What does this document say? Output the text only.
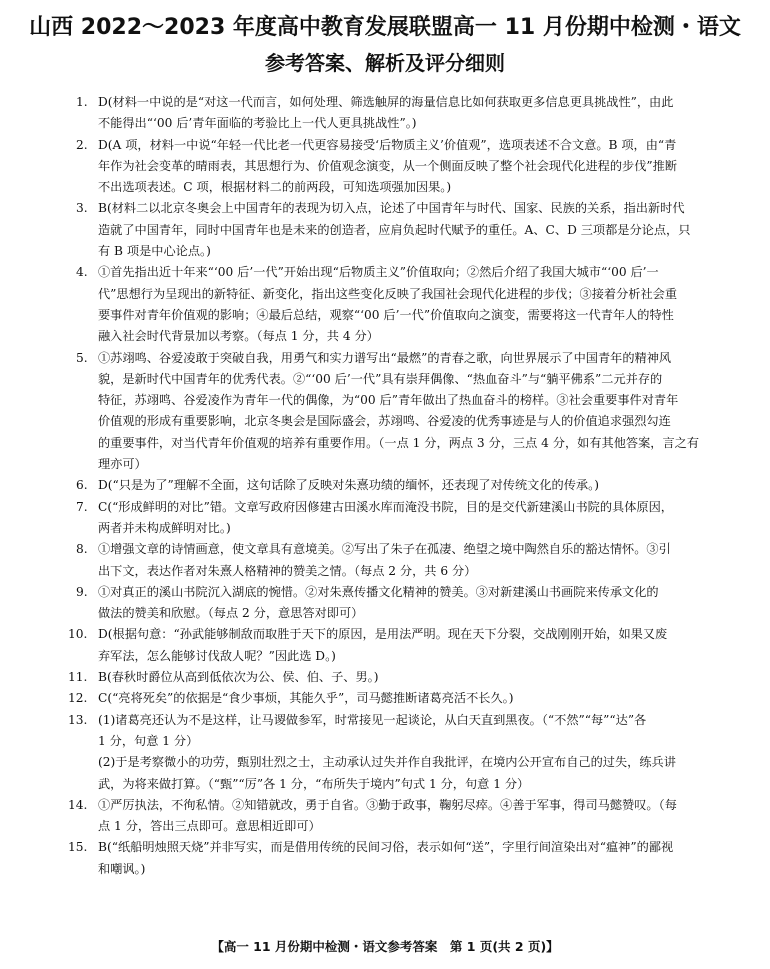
山西 2022～2023 年度高中教育发展联盟高一 11 月份期中检测・语文
参考答案、解析及评分细则
1. D(材料一中说的是“对这一代而言，如何处理、筛选触屏的海量信息比如何获取更多信息更具挑战性”，由此
不能得出“‘00 后’青年面临的考验比上一代人更具挑战性”。)
2. D(A 项，材料一中说“年轻一代比老一代更容易接受‘后物质主义’价值观”，选项表述不合文意。B 项，由“青
年作为社会变革的晴雨表，其思想行为、价值观念演变，从一个侧面反映了整个社会现代化进程的步伐”推断
不出选项表述。C 项，根据材料二的前两段，可知选项强加因果。)
3. B(材料二以北京冬奥会上中国青年的表现为切入点，论述了中国青年与时代、国家、民族的关系，指出新时代
造就了中国青年，同时中国青年也是未来的创造者，应肩负起时代赋予的重任。A、C、D 三项都是分论点，只
有 B 项是中心论点。)
4. ①首先指出近十年来“‘00 后’一代”开始出现“后物质主义”价值取向；②然后介绍了我国大城市“‘00 后’一
代”思想行为呈现出的新特征、新变化，指出这些变化反映了我国社会现代化进程的步伐；③接着分析社会重
要事件对青年价值观的影响；④最后总结，观察“‘00 后’一代”价值取向之演变，需要将这一代青年人的特性
融入社会时代背景加以考察。（每点 1 分，共 4 分）
5. ①苏翊鸣、谷爱凌敢于突破自我，用勇气和实力谱写出“最燃”的青春之歌，向世界展示了中国青年的精神风
貌，是新时代中国青年的优秀代表。②“‘00 后’一代”具有崇拜偶像、“热血奋斗”与“躺平佛系”二元并存的
特征，苏翊鸣、谷爱凌作为青年一代的偶像，为“00 后”青年做出了热血奋斗的榜样。③社会重要事件对青年
价值观的形成有重要影响，北京冬奥会是国际盛会，苏翊鸣、谷爱凌的优秀事迹是与人的价值追求强烈勾连
的重要事件，对当代青年价值观的培养有重要作用。（一点 1 分，两点 3 分，三点 4 分，如有其他答案，言之有
理亦可）
6. D(“只是为了”理解不全面，这句话除了反映对朱熹功绩的缅怀，还表现了对传统文化的传承。)
7. C(“形成鲜明的对比”错。文章写政府因修建古田溪水库而淹没书院，目的是交代新建溪山书院的具体原因，
两者并未构成鲜明对比。)
8. ①增强文章的诗情画意，使文章具有意境美。②写出了朱子在孤凄、绝望之境中陶然自乐的豁达情怀。③引
出下文，表达作者对朱熹人格精神的赞美之情。（每点 2 分，共 6 分）
9. ①对真正的溪山书院沉入湖底的惋惜。②对朱熹传播文化精神的赞美。③对新建溪山书画院来传承文化的
做法的赞美和欣慰。（每点 2 分，意思答对即可）
10. D(根据句意：“孙武能够制敌而取胜于天下的原因，是用法严明。现在天下分裂，交战刚刚开始，如果又废
弃军法，怎么能够讨伐敌人呢？”因此选 D。)
11. B(春秋时爵位从高到低依次为公、侯、伯、子、男。)
12. C(“亮将死矣”的依据是“食少事烦，其能久乎”，司马懿推断诸葛亮活不长久。)
13. (1)诸葛亮还认为不是这样，让马谡做参军，时常接见一起谈论，从白天直到黑夜。（“不然”“每”“达”各
1 分，句意 1 分）
(2)于是考察微小的功劳，甄别壮烈之士，主动承认过失并作自我批评，在境内公开宣布自己的过失，练兵讲
武，为将来做打算。（“甄”“厉”各 1 分，“布所失于境内”句式 1 分，句意 1 分）
14. ①严厉执法，不徇私情。②知错就改，勇于自省。③勤于政事，鞠躬尽瘁。④善于军事，得司马懿赞叹。（每
点 1 分，答出三点即可。意思相近即可）
15. B(“纸船明烛照天烧”并非写实，而是借用传统的民间习俗，表示如何“送”，字里行间渲染出对“瘟神”的鄙视
和嘲讽。)
【高一 11 月份期中检测・语文参考答案　第 1 页(共 2 页)】
